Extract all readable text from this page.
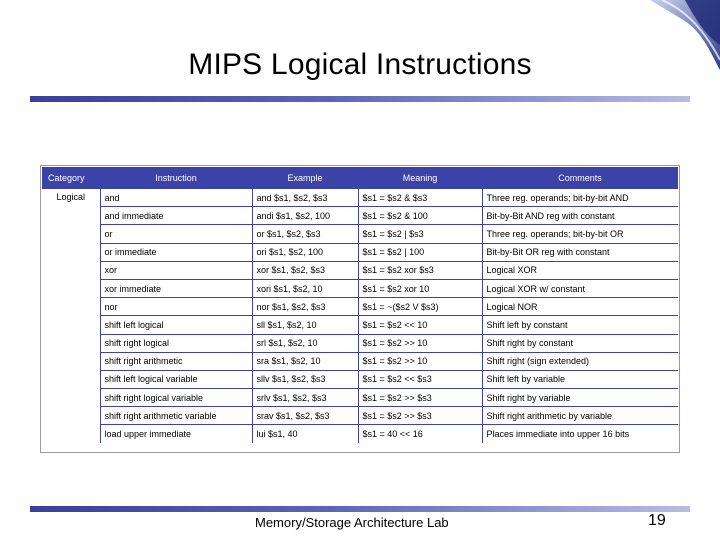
MIPS Logical Instructions
Category	Instruction	Example	Meaning	Comments
Logical	and	and $s1, $s2, $s3	$s1 = $s2 & $s3	Three reg. operands; bit-by-bit AND
	and immediate	andi $s1, $s2, 100	$s1 = $s2 & 100	Bit-by-Bit AND reg with constant
	or	or $s1, $s2, $s3	$s1 = $s2 | $s3	Three reg. operands; bit-by-bit OR
	or immediate	ori $s1, $s2, 100	$s1 = $s2 | 100	Bit-by-Bit OR reg with constant
	xor	xor $s1, $s2, $s3	$s1 = $s2 xor $s3	Logical XOR
	xor immediate	xori $s1, $s2, 10	$s1 = $s2 xor 10	Logical XOR w/ constant
	nor	nor $s1, $s2, $s3	$s1 = ~($s2 V $s3)	Logical NOR
	shift left logical	sll $s1, $s2, 10	$s1 = $s2 << 10	Shift left by constant
	shift right logical	srl $s1, $s2, 10	$s1 = $s2 >> 10	Shift right by constant
	shift right arithmetic	sra $s1, $s2, 10	$s1 = $s2 >> 10	Shift right (sign extended)
	shift left logical variable	sllv $s1, $s2, $s3	$s1 = $s2 << $s3	Shift left by variable
	shift right logical variable	srlv $s1, $s2, $s3	$s1 = $s2 >> $s3	Shift right by variable
	shift right arithmetic variable	srav $s1, $s2, $s3	$s1 = $s2 >> $s3	Shift right arithmetic by variable
	load upper immediate	lui $s1, 40	$s1 = 40 << 16	Places immediate into upper 16 bits
Memory/Storage Architecture Lab	19
